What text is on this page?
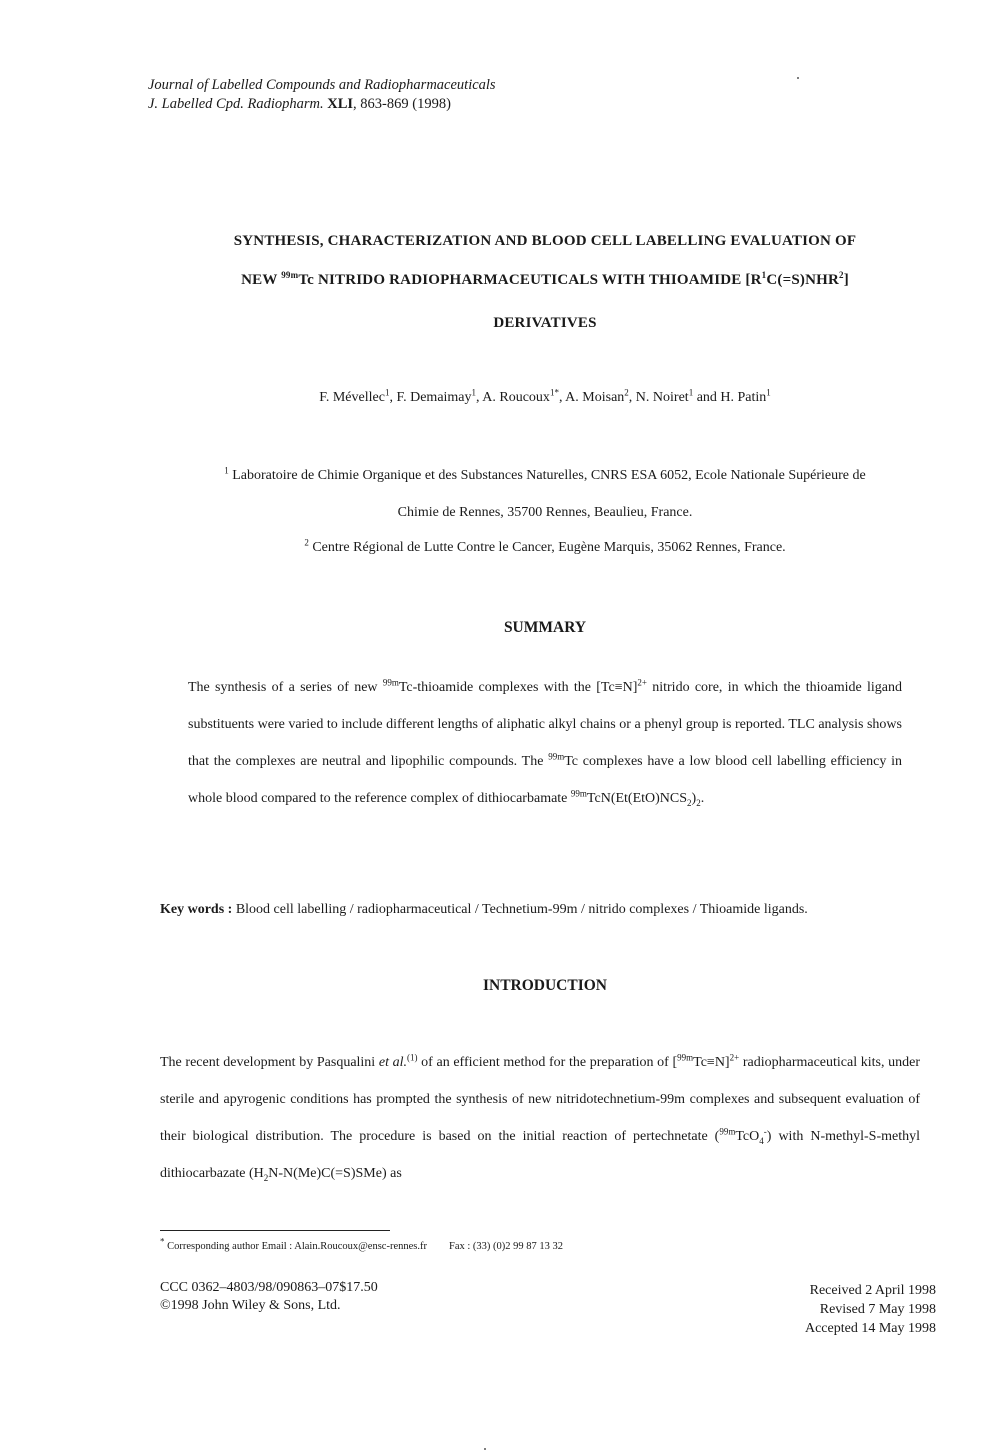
Journal of Labelled Compounds and Radiopharmaceuticals
J. Labelled Cpd. Radiopharm. XLI, 863-869 (1998)
SYNTHESIS, CHARACTERIZATION AND BLOOD CELL LABELLING EVALUATION OF
NEW $^{99m}$Tc NITRIDO RADIOPHARMACEUTICALS WITH THIOAMIDE $[R^1C(=S)NHR^2]$
DERIVATIVES
F. Mévellec$^1$, F. Demaimay$^1$, A. Roucoux$^{1*}$, A. Moisan$^2$, N. Noiret$^1$ and H. Patin$^1$
$^1$ Laboratoire de Chimie Organique et des Substances Naturelles, CNRS ESA 6052, Ecole Nationale Supérieure de
Chimie de Rennes, 35700 Rennes, Beaulieu, France.
$^2$ Centre Régional de Lutte Contre le Cancer, Eugène Marquis, 35062 Rennes, France.
SUMMARY
The synthesis of a series of new $^{99m}$Tc-thioamide complexes with the $[Tc\equiv N]^{2+}$ nitrido core, in which the thioamide ligand substituents were varied to include different lengths of aliphatic alkyl chains or a phenyl group is reported. TLC analysis shows that the complexes are neutral and lipophilic compounds. The $^{99m}$Tc complexes have a low blood cell labelling efficiency in whole blood compared to the reference complex of dithiocarbamate $^{99m}TcN(Et(EtO)NCS_2)_2$.
Key words : Blood cell labelling / radiopharmaceutical / Technetium-99m / nitrido complexes / Thioamide ligands.
INTRODUCTION
The recent development by Pasqualini et al.$^{(1)}$ of an efficient method for the preparation of $[^{99m}Tc\equiv N]^{2+}$ radiopharmaceutical kits, under sterile and apyrogenic conditions has prompted the synthesis of new nitridotechnetium-99m complexes and subsequent evaluation of their biological distribution. The procedure is based on the initial reaction of pertechnetate ($^{99m}$TcO$_4$-) with N-methyl-S-methyl dithiocarbazate $(H_2N-N(Me)C(=S)SMe)$ as
* Corresponding author Email : Alain.Roucoux@ensc-rennes.fr Fax : (33) (0)2 99 87 13 32
CCC 0362–4803/98/090863–07$17.50
©1998 John Wiley & Sons, Ltd.
Received 2 April 1998
Revised 7 May 1998
Accepted 14 May 1998
